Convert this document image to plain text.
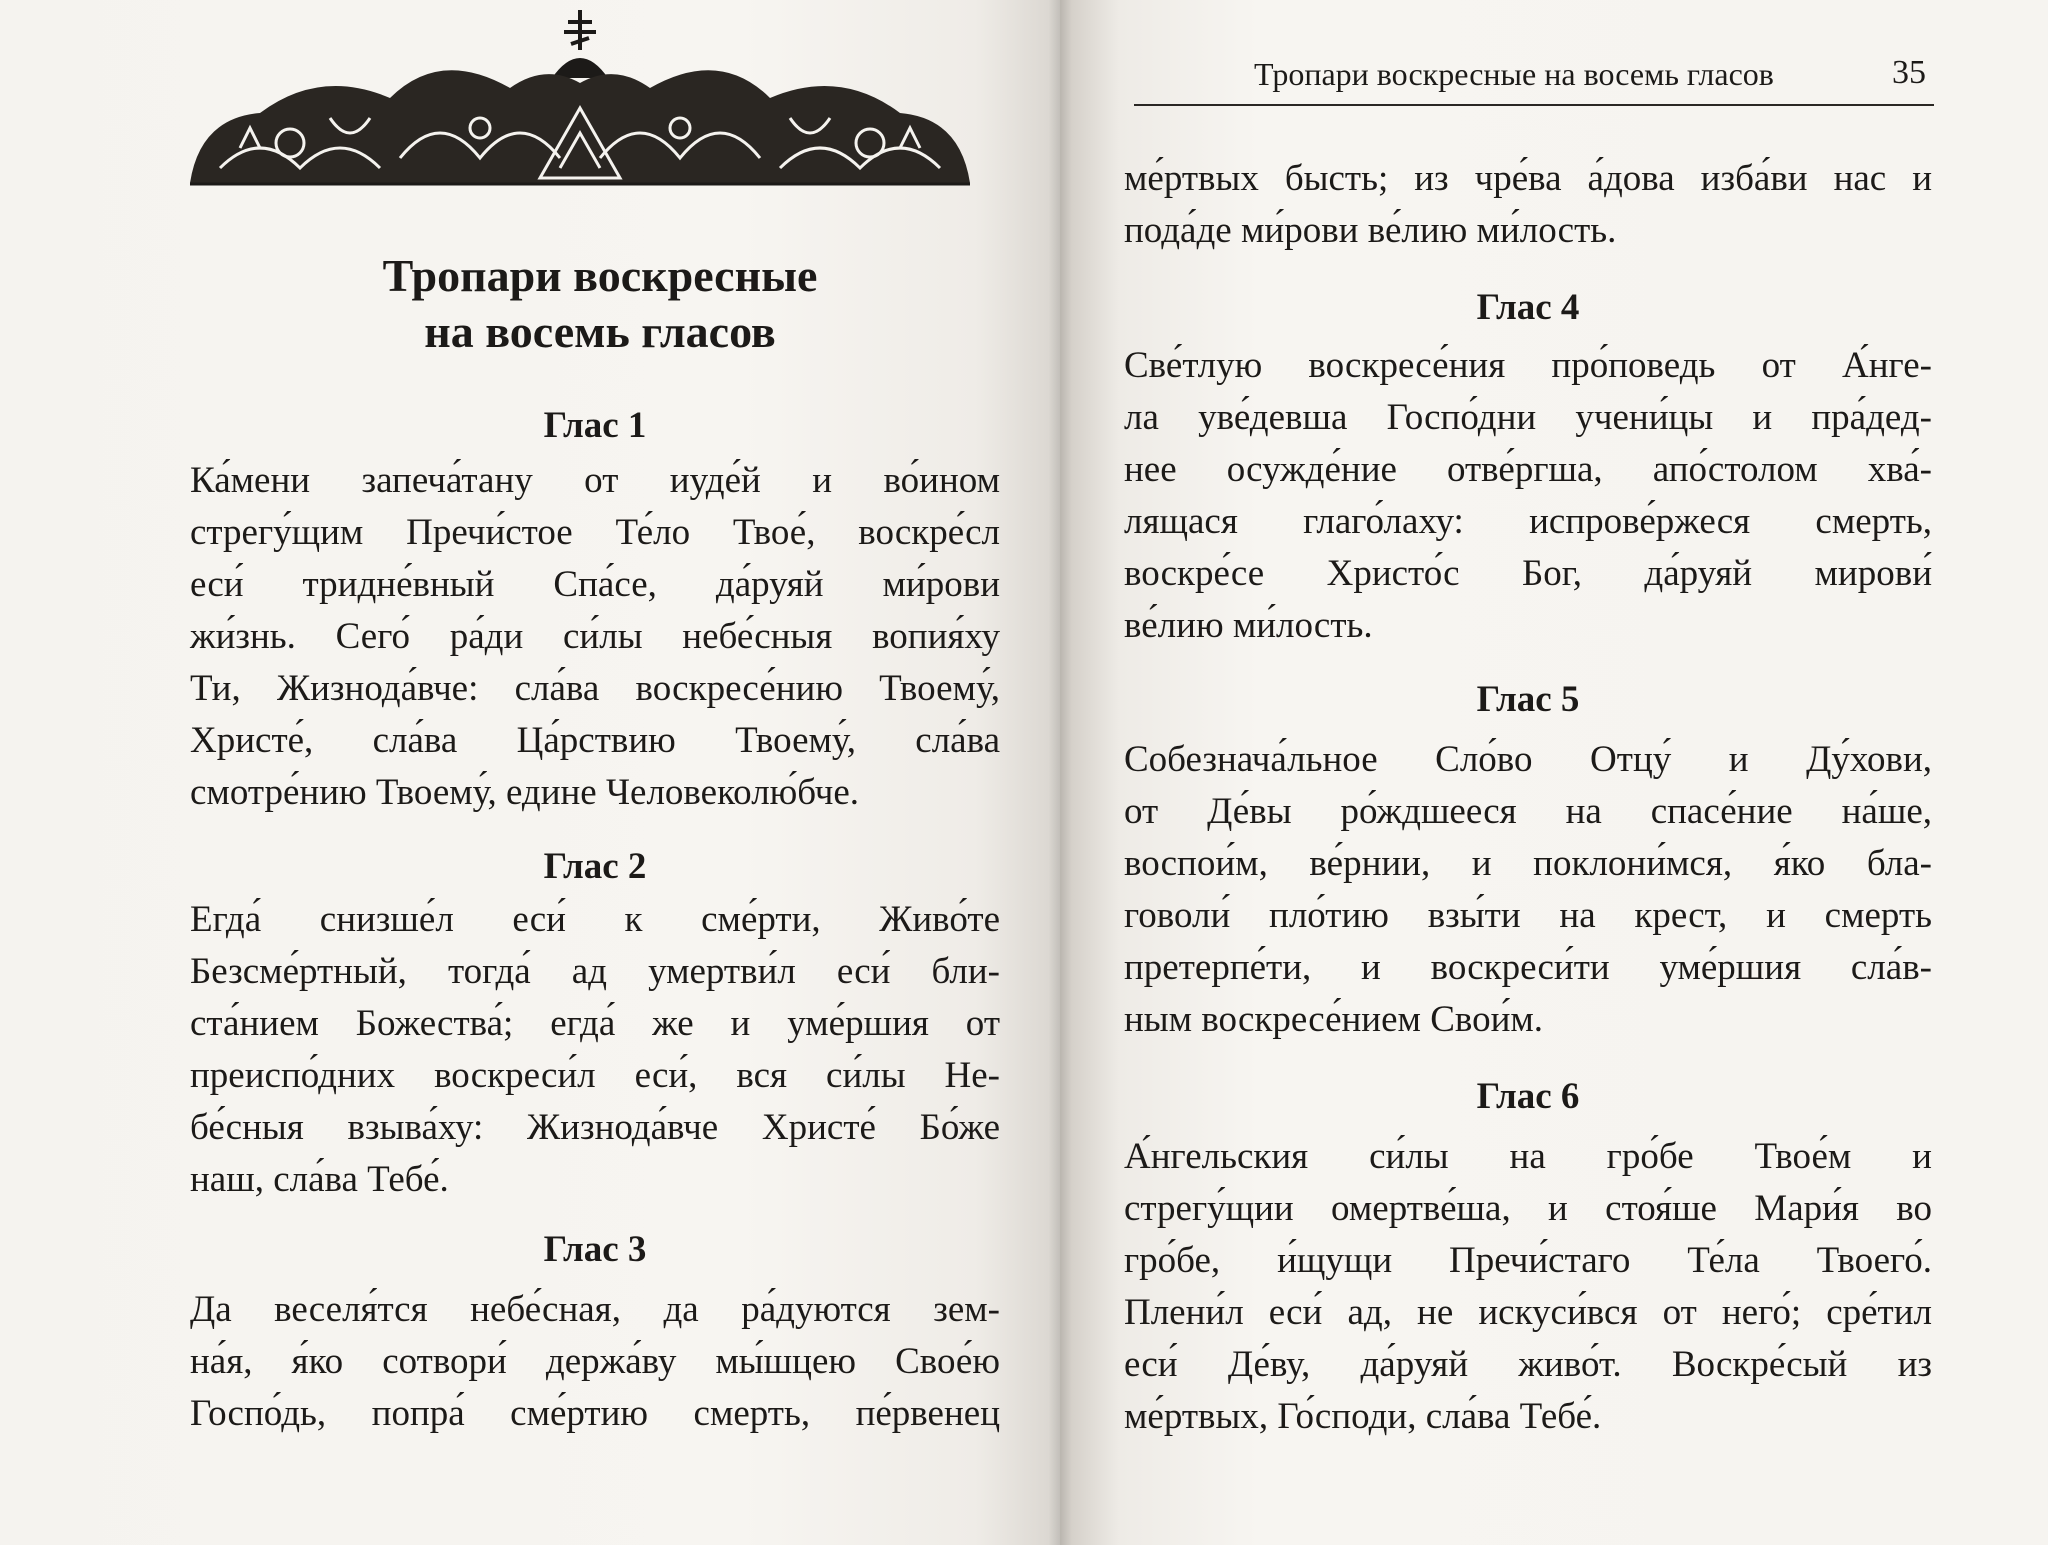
Тропари воскресные
на восемь гласов
Глас 1

Ка́мени запеча́тану от иуде́й и во́ином
стрегу́щим Пречи́стое Те́ло Твое́, воскре́сл
еси́ тридне́вный Спа́се, да́руяй ми́рови
жи́знь. Сего́ ра́ди си́лы небе́сныя вопия́ху
Ти, Жизнода́вче: сла́ва воскресе́нию Твоему́,
Христе́, сла́ва Ца́рствию Твоему́, сла́ва
смотре́нию Твоему́, едине Человеколю́бче.

Глас 2

Егда́ снизше́л еси́ к сме́рти, Живо́те
Безсме́ртный, тогда́ ад умертви́л еси́ бли-
ста́нием Божества́; егда́ же и уме́ршия от
преиспо́дних воскреси́л еси́, вся си́лы Не-
бе́сныя взыва́ху: Жизнода́вче Христе́ Бо́же
наш, сла́ва Тебе́.

Глас 3

Да веселя́тся небе́сная, да ра́дуются зем-
на́я, я́ко сотвори́ держа́ву мы́шцею Свое́ю
Госпо́дь, попра́ сме́ртию смерть, пе́рвенец

Тропари воскресные на восемь гласов	35

ме́ртвых бысть; из чре́ва а́дова изба́ви нас и
пода́де ми́рови ве́лию ми́лость.

Глас 4

Све́тлую воскресе́ния про́поведь от А́нге-
ла уве́девша Госпо́дни учени́цы и пра́дед-
нее осужде́ние отве́ргша, апо́столом хва́-
лящася глаго́лаху: испрове́ржеся смерть,
воскре́се Христо́с Бог, да́руяй мирови́
ве́лию ми́лость.

Глас 5

Собезнача́льное Сло́во Отцу́ и Ду́хови,
от Де́вы ро́ждшееся на спасе́ние на́ше,
воспои́м, ве́рнии, и поклони́мся, я́ко бла-
говоли́ пло́тию взы́ти на крест, и смерть
претерпе́ти, и воскреси́ти уме́ршия сла́в-
ным воскресе́нием Свои́м.

Глас 6

А́нгельския си́лы на гро́бе Твое́м и
стрегу́щии омертве́ша, и стоя́ше Мари́я во
гро́бе, и́щущи Пречи́стаго Те́ла Твоего́.
Плени́л еси́ ад, не искуси́вся от него́; сре́тил
еси́ Де́ву, да́руяй живо́т. Воскре́сый из
ме́ртвых, Го́споди, сла́ва Тебе́.
